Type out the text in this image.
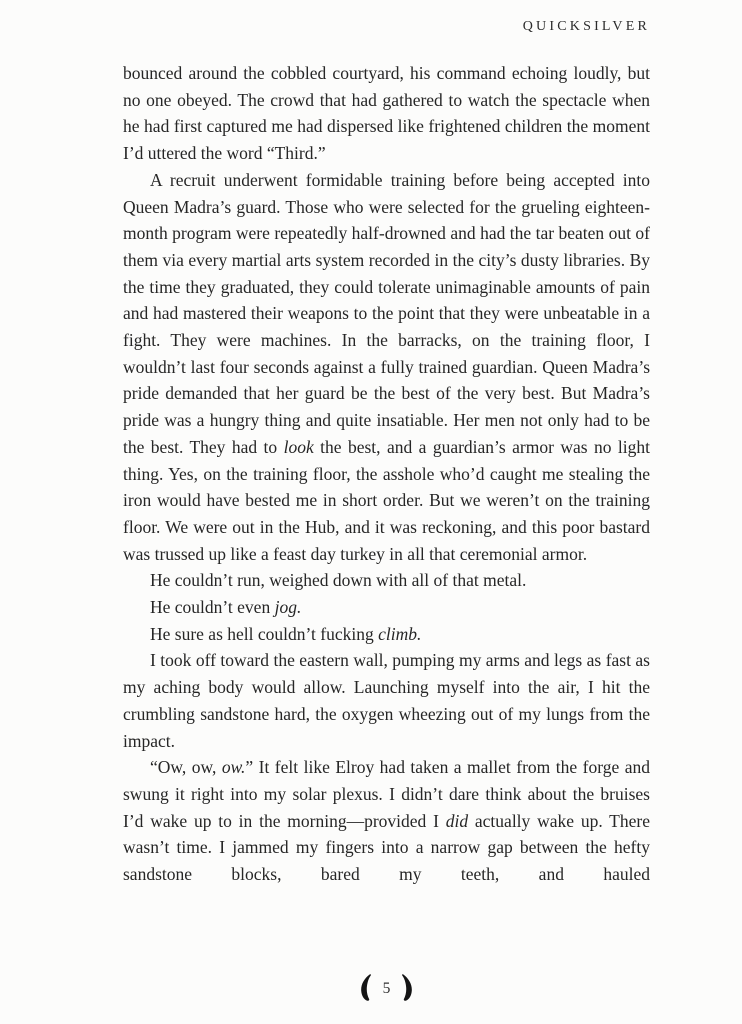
QUICKSILVER

bounced around the cobbled courtyard, his command echoing loudly, but no one obeyed. The crowd that had gathered to watch the spectacle when he had first captured me had dispersed like frightened children the moment I’d uttered the word “Third.”

A recruit underwent formidable training before being accepted into Queen Madra’s guard. Those who were selected for the grueling eighteen-month program were repeatedly half-drowned and had the tar beaten out of them via every martial arts system recorded in the city’s dusty libraries. By the time they graduated, they could tolerate unimaginable amounts of pain and had mastered their weapons to the point that they were unbeatable in a fight. They were machines. In the barracks, on the training floor, I wouldn’t last four seconds against a fully trained guardian. Queen Madra’s pride demanded that her guard be the best of the very best. But Madra’s pride was a hungry thing and quite insatiable. Her men not only had to be the best. They had to look the best, and a guardian’s armor was no light thing. Yes, on the training floor, the asshole who’d caught me stealing the iron would have bested me in short order. But we weren’t on the training floor. We were out in the Hub, and it was reckoning, and this poor bastard was trussed up like a feast day turkey in all that ceremonial armor.

He couldn’t run, weighed down with all of that metal.

He couldn’t even jog.

He sure as hell couldn’t fucking climb.

I took off toward the eastern wall, pumping my arms and legs as fast as my aching body would allow. Launching myself into the air, I hit the crumbling sandstone hard, the oxygen wheezing out of my lungs from the impact.

“Ow, ow, ow.” It felt like Elroy had taken a mallet from the forge and swung it right into my solar plexus. I didn’t dare think about the bruises I’d wake up to in the morning—provided I did actually wake up. There wasn’t time. I jammed my fingers into a narrow gap between the hefty sandstone blocks, bared my teeth, and hauled

5
